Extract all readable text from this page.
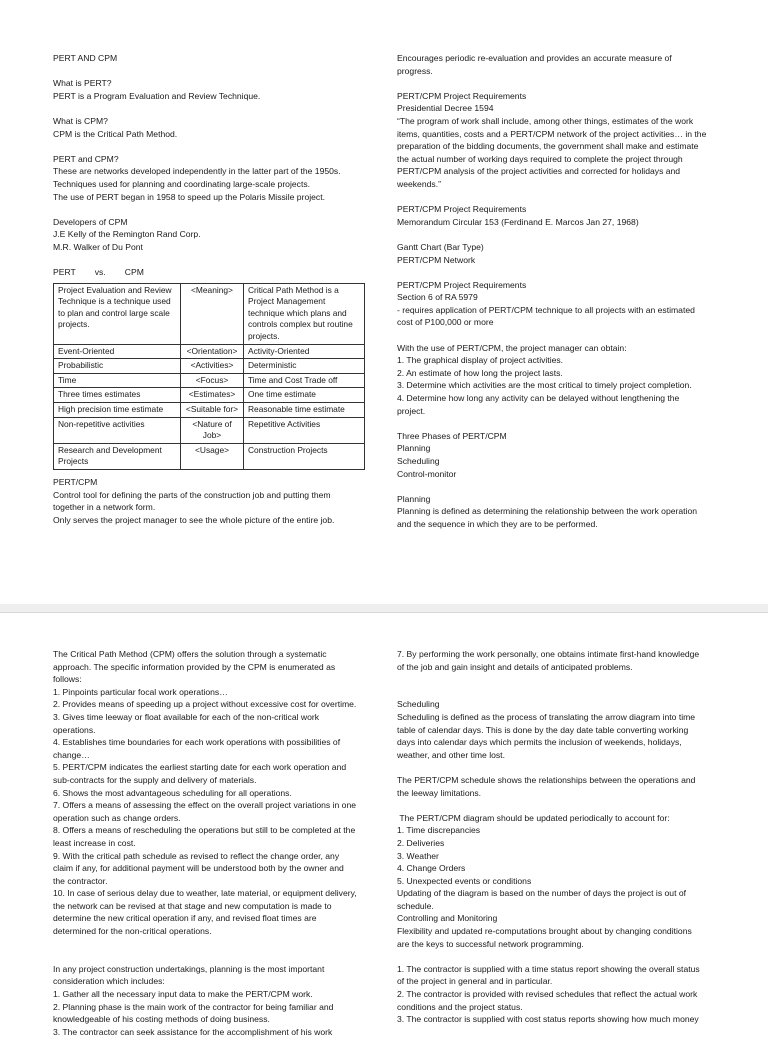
PERT AND CPM
What is PERT?
PERT is a Program Evaluation and Review Technique.
What is CPM?
CPM is the Critical Path Method.
PERT and CPM?
These are networks developed independently in the latter part of the 1950s.
Techniques used for planning and coordinating large-scale projects.
The use of PERT began in 1958 to speed up the Polaris Missile project.
Developers of CPM
J.E Kelly of the Remington Rand Corp.
M.R. Walker of Du Pont
PERT        vs.        CPM
Project Evaluation and Review Technique is a technique used to plan and control large scale projects.	<Meaning>	Critical Path Method is a Project Management technique which plans and controls complex but routine projects.
Event-Oriented	<Orientation>	Activity-Oriented
Probabilistic	<Activities>	Deterministic
Time	<Focus>	Time and Cost Trade off
Three times estimates	<Estimates>	One time estimate
High precision time estimate	<Suitable for>	Reasonable time estimate
Non-repetitive activities	<Nature of Job>	Repetitive Activities
Research and Development Projects	<Usage>	Construction Projects
PERT/CPM
Control tool for defining the parts of the construction job and putting them
together in a network form.
Only serves the project manager to see the whole picture of the entire job.
Encourages periodic re-evaluation and provides an accurate measure of
progress.
PERT/CPM Project Requirements
Presidential Decree 1594
“The program of work shall include, among other things, estimates of the work
items, quantities, costs and a PERT/CPM network of the project activities… in the
preparation of the bidding documents, the government shall make and estimate
the actual number of working days required to complete the project through
PERT/CPM analysis of the project activities and corrected for holidays and
weekends.”
PERT/CPM Project Requirements
Memorandum Circular 153 (Ferdinand E. Marcos Jan 27, 1968)
Gantt Chart (Bar Type)
PERT/CPM Network
PERT/CPM Project Requirements
Section 6 of RA 5979
- requires application of PERT/CPM technique to all projects with an estimated
cost of P100,000 or more
With the use of PERT/CPM, the project manager can obtain:
1. The graphical display of project activities.
2. An estimate of how long the project lasts.
3. Determine which activities are the most critical to timely project completion.
4. Determine how long any activity can be delayed without lengthening the
project.
Three Phases of PERT/CPM
Planning
Scheduling
Control-monitor
Planning
Planning is defined as determining the relationship between the work operation
and the sequence in which they are to be performed.
The Critical Path Method (CPM) offers the solution through a systematic
approach. The specific information provided by the CPM is enumerated as
follows:
1. Pinpoints particular focal work operations…
2. Provides means of speeding up a project without excessive cost for overtime.
3. Gives time leeway or float available for each of the non-critical work
operations.
4. Establishes time boundaries for each work operations with possibilities of change…
5. PERT/CPM indicates the earliest starting date for each work operation and
sub-contracts for the supply and delivery of materials.
6. Shows the most advantageous scheduling for all operations.
7. Offers a means of assessing the effect on the overall project variations in one
operation such as change orders.
8. Offers a means of rescheduling the operations but still to be completed at the
least increase in cost.
9. With the critical path schedule as revised to reflect the change order, any
claim if any, for additional payment will be understood both by the owner and
the contractor.
10. In case of serious delay due to weather, late material, or equipment delivery,
the network can be revised at that stage and new computation is made to
determine the new critical operation if any, and revised float times are
determined for the non-critical operations.
In any project construction undertakings, planning is the most important
consideration which includes:
1. Gather all the necessary input data to make the PERT/CPM work.
2. Planning phase is the main work of the contractor for being familiar and
knowledgeable of his costing methods of doing business.
3. The contractor can seek assistance for the accomplishment of his work
7. By performing the work personally, one obtains intimate first-hand knowledge
of the job and gain insight and details of anticipated problems.
Scheduling
Scheduling is defined as the process of translating the arrow diagram into time
table of calendar days. This is done by the day date table converting working
days into calendar days which permits the inclusion of weekends, holidays,
weather, and other time lost.
The PERT/CPM schedule shows the relationships between the operations and
the leeway limitations.
The PERT/CPM diagram should be updated periodically to account for:
1. Time discrepancies
2. Deliveries
3. Weather
4. Change Orders
5. Unexpected events or conditions
Updating of the diagram is based on the number of days the project is out of
schedule.
Controlling and Monitoring
Flexibility and updated re-computations brought about by changing conditions
are the keys to successful network programming.
1. The contractor is supplied with a time status report showing the overall status
of the project in general and in particular.
2. The contractor is provided with revised schedules that reflect the actual work
conditions and the project status.
3. The contractor is supplied with cost status reports showing how much money
